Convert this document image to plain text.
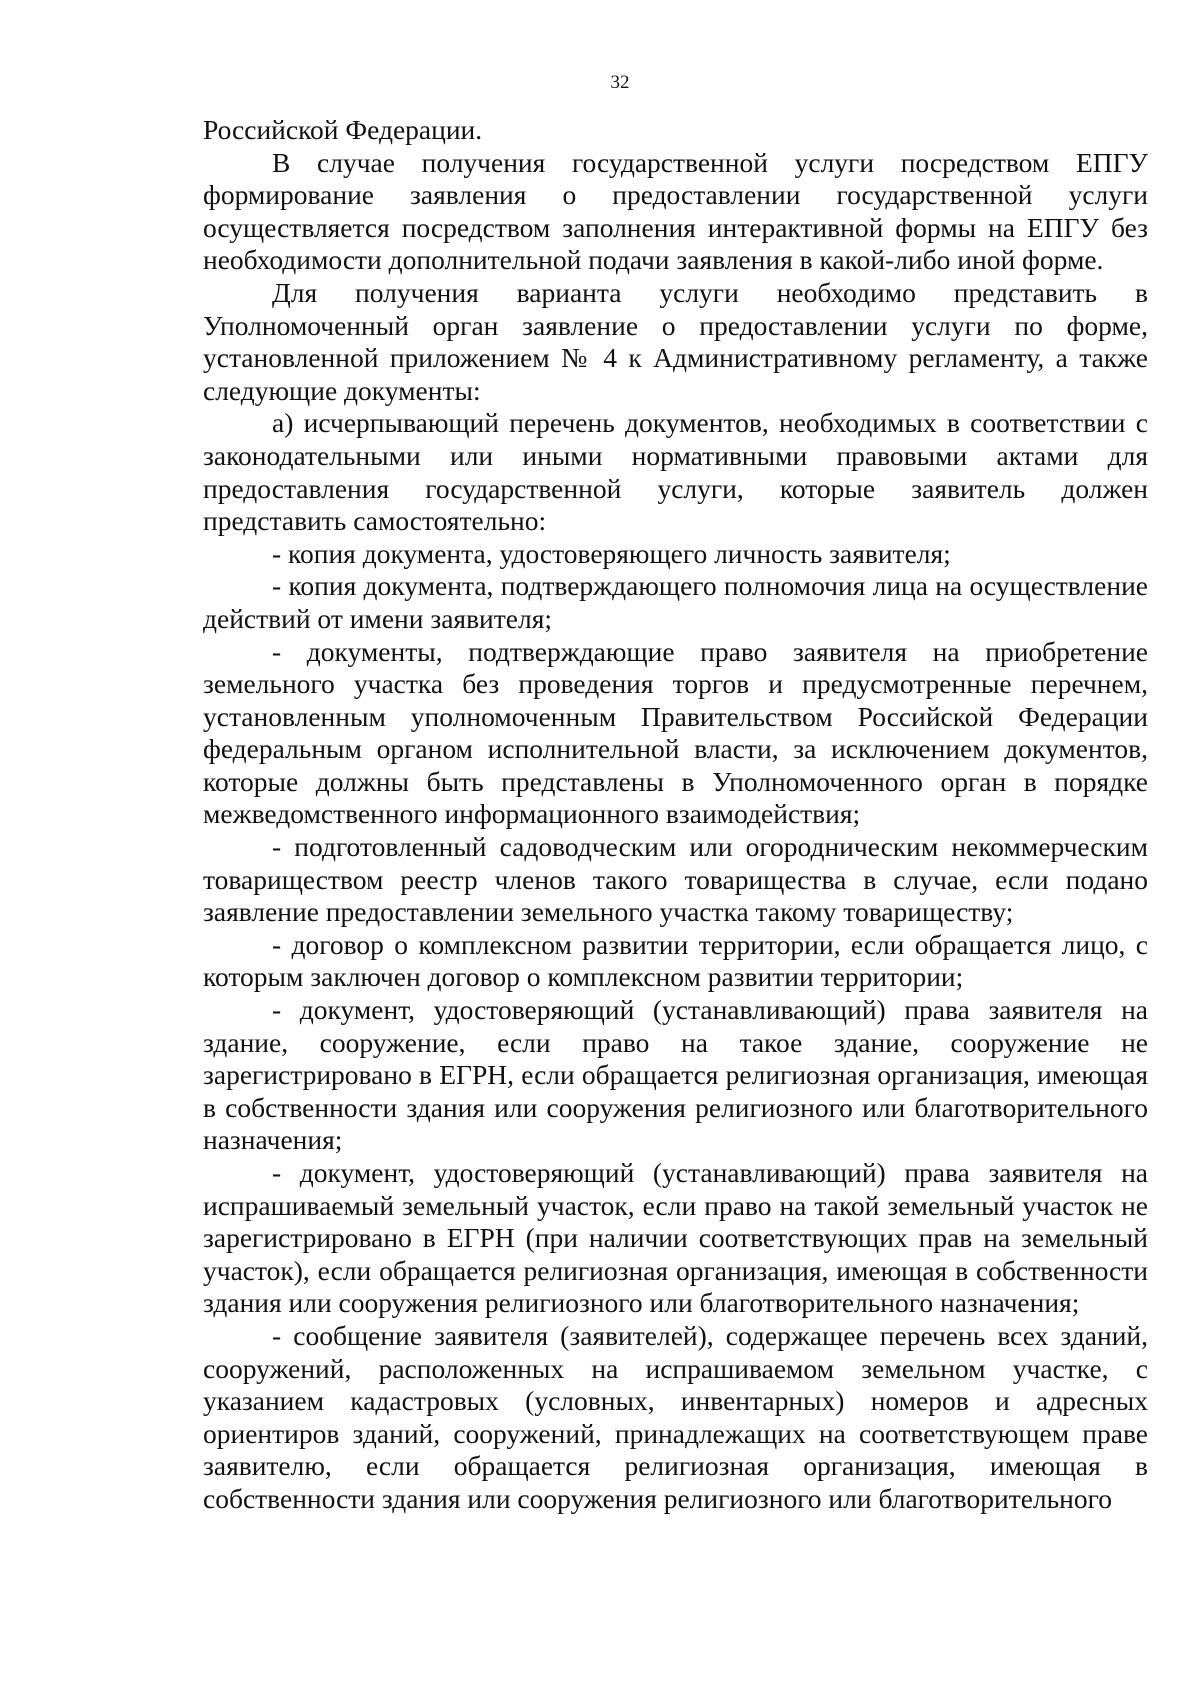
32

Российской Федерации.

В случае получения государственной услуги посредством ЕПГУ формирование заявления о предоставлении государственной услуги осуществляется посредством заполнения интерактивной формы на ЕПГУ без необходимости дополнительной подачи заявления в какой-либо иной форме.

Для получения варианта услуги необходимо представить в Уполномоченный орган заявление о предоставлении услуги по форме, установленной приложением № 4 к Административному регламенту, а также следующие документы:

а) исчерпывающий перечень документов, необходимых в соответствии с законодательными или иными нормативными правовыми актами для предоставления государственной услуги, которые заявитель должен представить самостоятельно:

- копия документа, удостоверяющего личность заявителя;

- копия документа, подтверждающего полномочия лица на осуществление действий от имени заявителя;

- документы, подтверждающие право заявителя на приобретение земельного участка без проведения торгов и предусмотренные перечнем, установленным уполномоченным Правительством Российской Федерации федеральным органом исполнительной власти, за исключением документов, которые должны быть представлены в Уполномоченного орган в порядке межведомственного информационного взаимодействия;

- подготовленный садоводческим или огородническим некоммерческим товариществом реестр членов такого товарищества в случае, если подано заявление предоставлении земельного участка такому товариществу;

- договор о комплексном развитии территории, если обращается лицо, с которым заключен договор о комплексном развитии территории;

- документ, удостоверяющий (устанавливающий) права заявителя на здание, сооружение, если право на такое здание, сооружение не зарегистрировано в ЕГРН, если обращается религиозная организация, имеющая в собственности здания или сооружения религиозного или благотворительного назначения;

- документ, удостоверяющий (устанавливающий) права заявителя на испрашиваемый земельный участок, если право на такой земельный участок не зарегистрировано в ЕГРН (при наличии соответствующих прав на земельный участок), если обращается религиозная организация, имеющая в собственности здания или сооружения религиозного или благотворительного назначения;

- сообщение заявителя (заявителей), содержащее перечень всех зданий, сооружений, расположенных на испрашиваемом земельном участке, с указанием кадастровых (условных, инвентарных) номеров и адресных ориентиров зданий, сооружений, принадлежащих на соответствующем праве заявителю, если обращается религиозная организация, имеющая в собственности здания или сооружения религиозного или благотворительного
